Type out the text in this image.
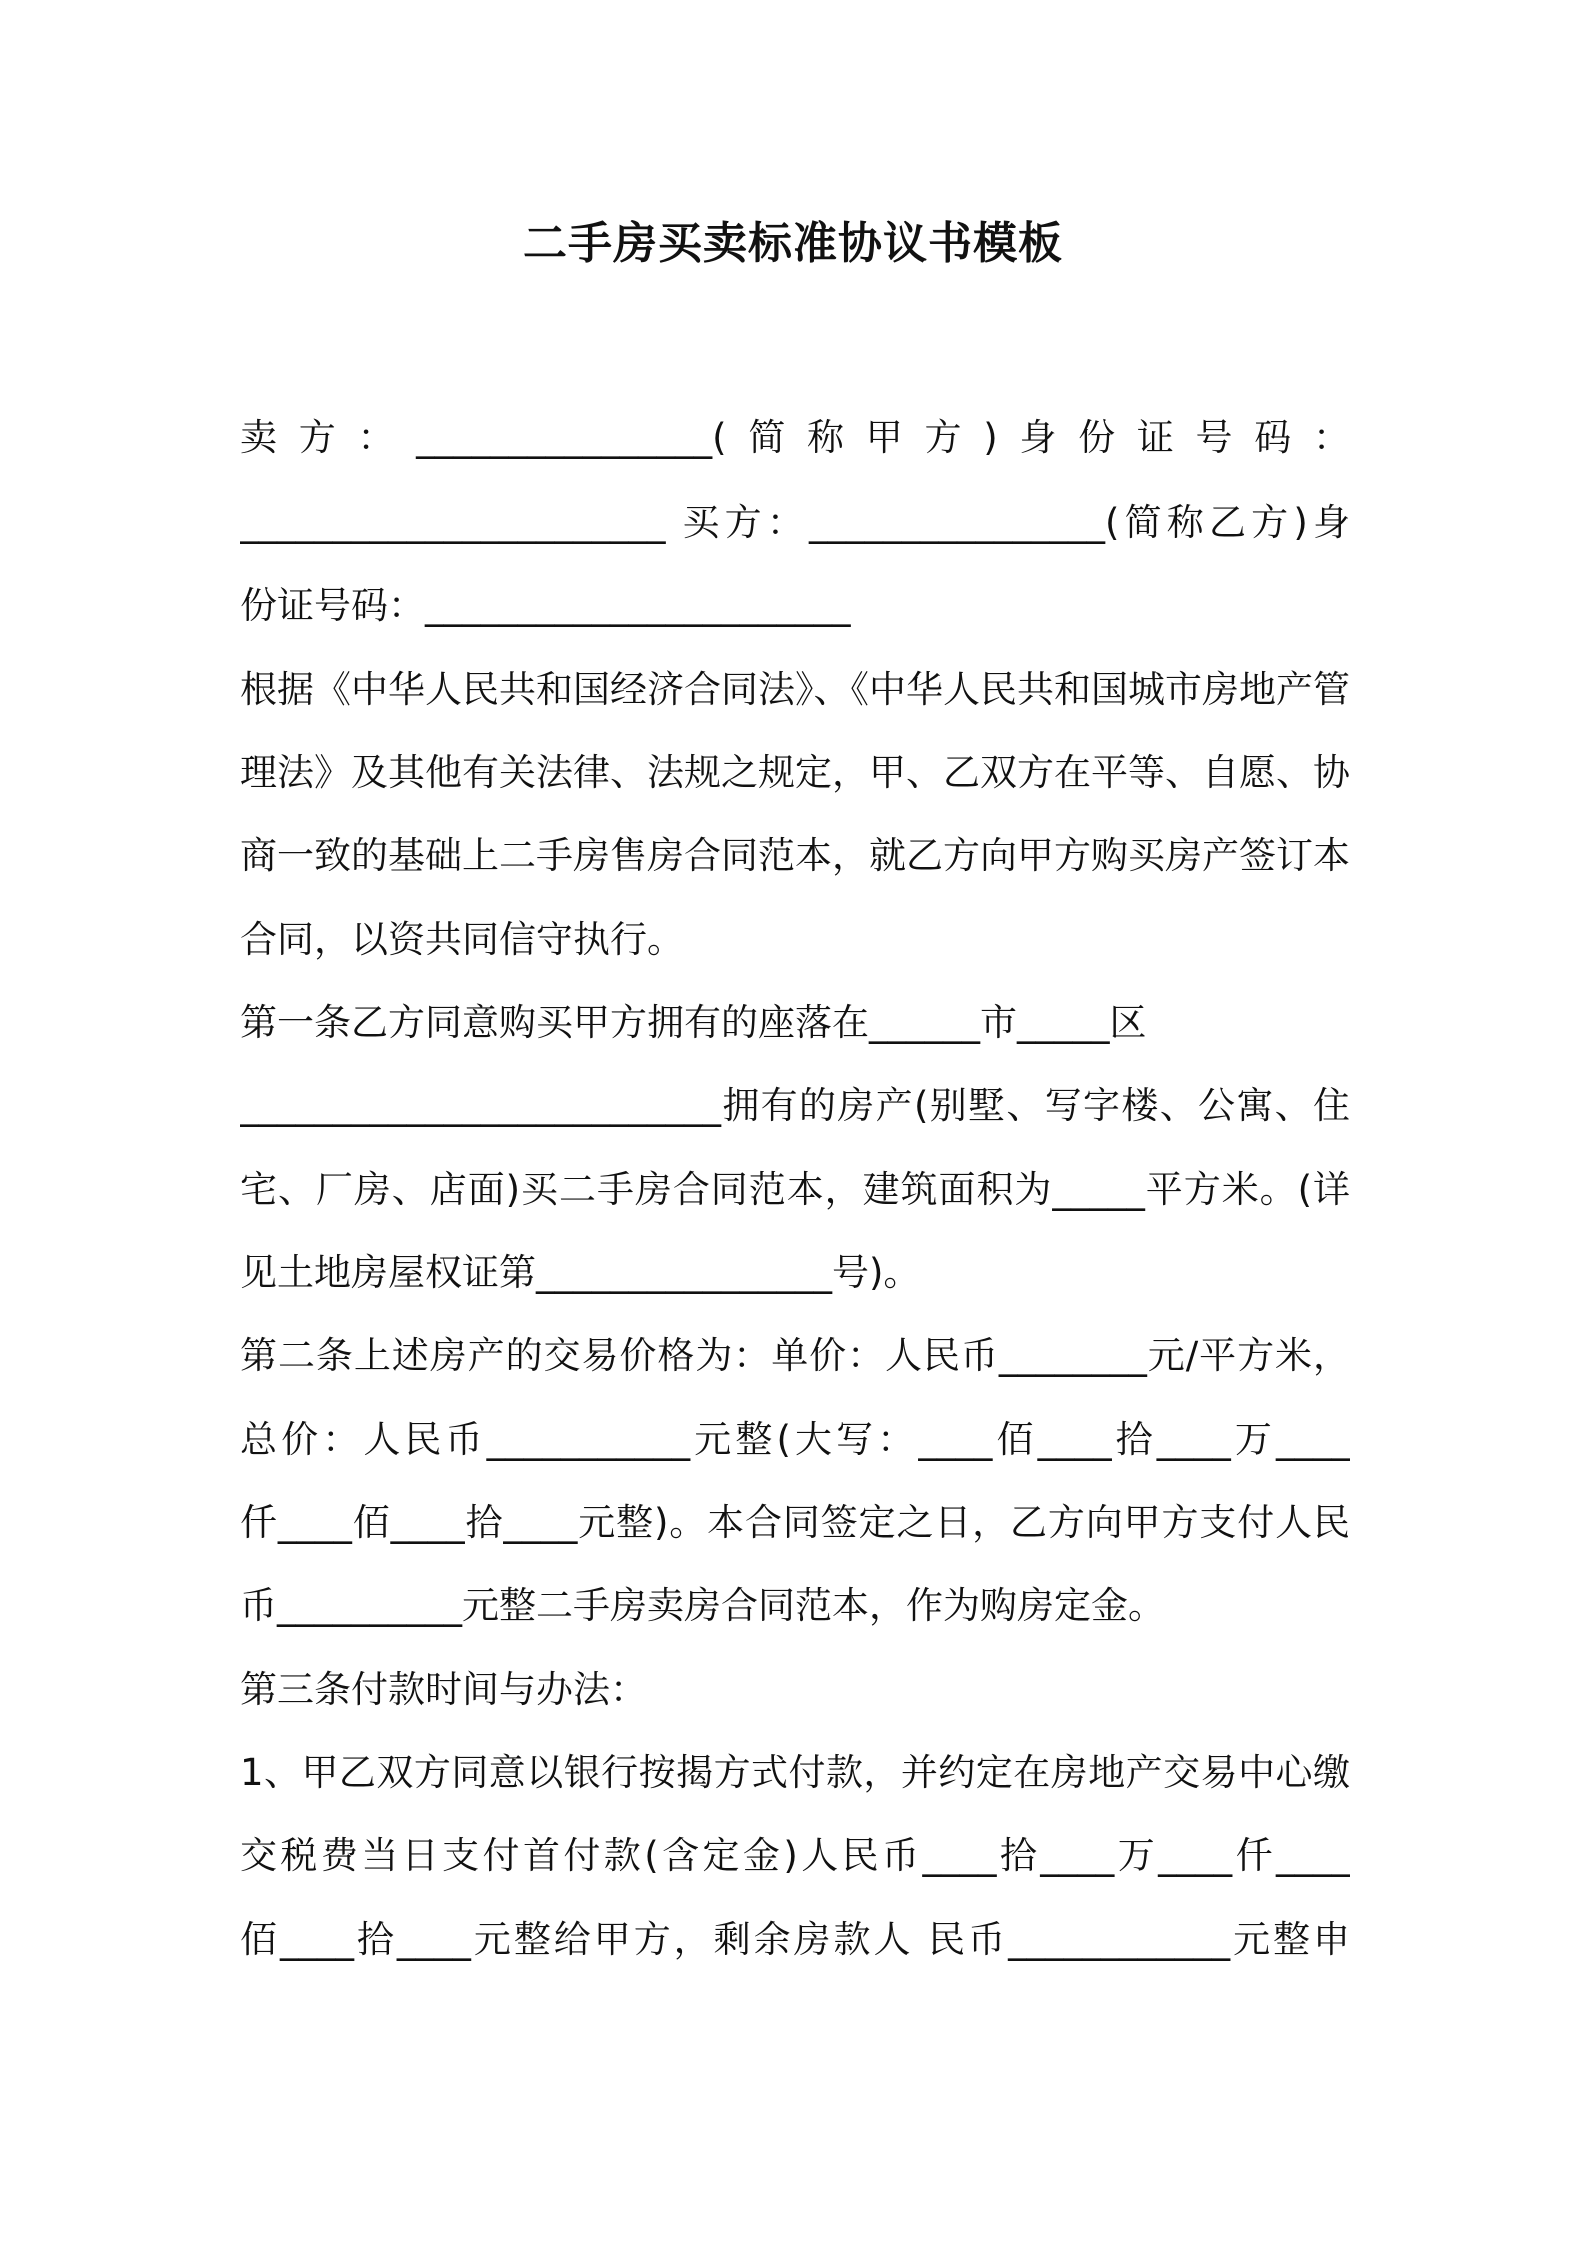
二手房买卖标准协议书模板
卖方：________________(简称甲方)身份证号码：
_______________________ 买方：________________(简称乙方)身
份证号码：_______________________
根据《中华人民共和国经济合同法》、《中华人民共和国城市房地产管
理法》及其他有关法律、法规之规定，甲、乙双方在平等、自愿、协
商一致的基础上二手房售房合同范本，就乙方向甲方购买房产签订本
合同，以资共同信守执行。
第一条乙方同意购买甲方拥有的座落在______市_____区
__________________________拥有的房产(别墅、写字楼、公寓、住
宅、厂房、店面)买二手房合同范本，建筑面积为_____平方米。(详
见土地房屋权证第________________号)。
第二条上述房产的交易价格为：单价：人民币________元/平方米，
总价：人民币___________元整(大写：____佰____拾____万____
仟____佰____拾____元整)。本合同签定之日，乙方向甲方支付人民
币__________元整二手房卖房合同范本，作为购房定金。
第三条付款时间与办法：
1、甲乙双方同意以银行按揭方式付款，并约定在房地产交易中心缴
交税费当日支付首付款(含定金)人民币____拾____万____仟____
佰____拾____元整给甲方，剩余房款人 民币____________元整申
